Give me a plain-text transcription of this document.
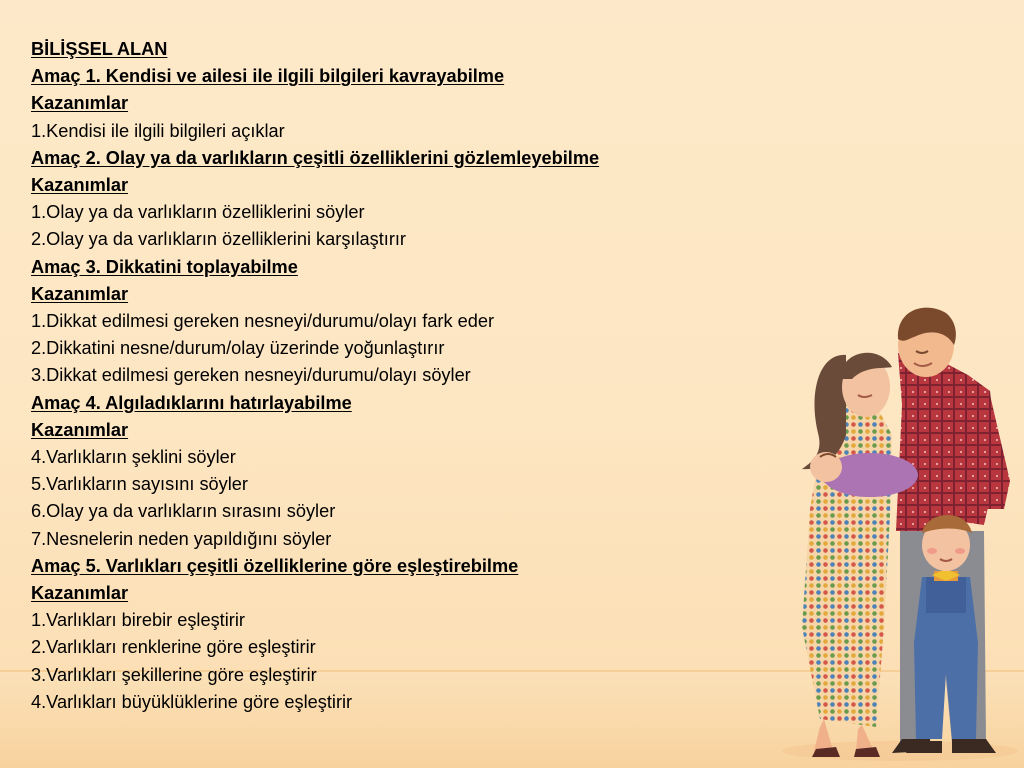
BİLİŞSEL ALAN
Amaç 1. Kendisi ve ailesi ile ilgili bilgileri kavrayabilme
Kazanımlar
1.Kendisi ile ilgili bilgileri açıklar
Amaç 2. Olay ya da varlıkların çeşitli özelliklerini gözlemleyebilme
Kazanımlar
1.Olay ya da varlıkların özelliklerini söyler
2.Olay ya da varlıkların özelliklerini karşılaştırır
Amaç 3. Dikkatini toplayabilme
Kazanımlar
1.Dikkat edilmesi gereken nesneyi/durumu/olayı fark eder
2.Dikkatini nesne/durum/olay üzerinde yoğunlaştırır
3.Dikkat edilmesi gereken nesneyi/durumu/olayı söyler
Amaç 4. Algıladıklarını hatırlayabilme
Kazanımlar
4.Varlıkların şeklini söyler
5.Varlıkların sayısını söyler
6.Olay ya da varlıkların sırasını söyler
7.Nesnelerin neden yapıldığını söyler
Amaç 5. Varlıkları çeşitli özelliklerine göre eşleştirebilme
Kazanımlar
1.Varlıkları birebir eşleştirir
2.Varlıkları renklerine göre eşleştirir
3.Varlıkları şekillerine göre eşleştirir
4.Varlıkları büyüklüklerine göre eşleştirir
